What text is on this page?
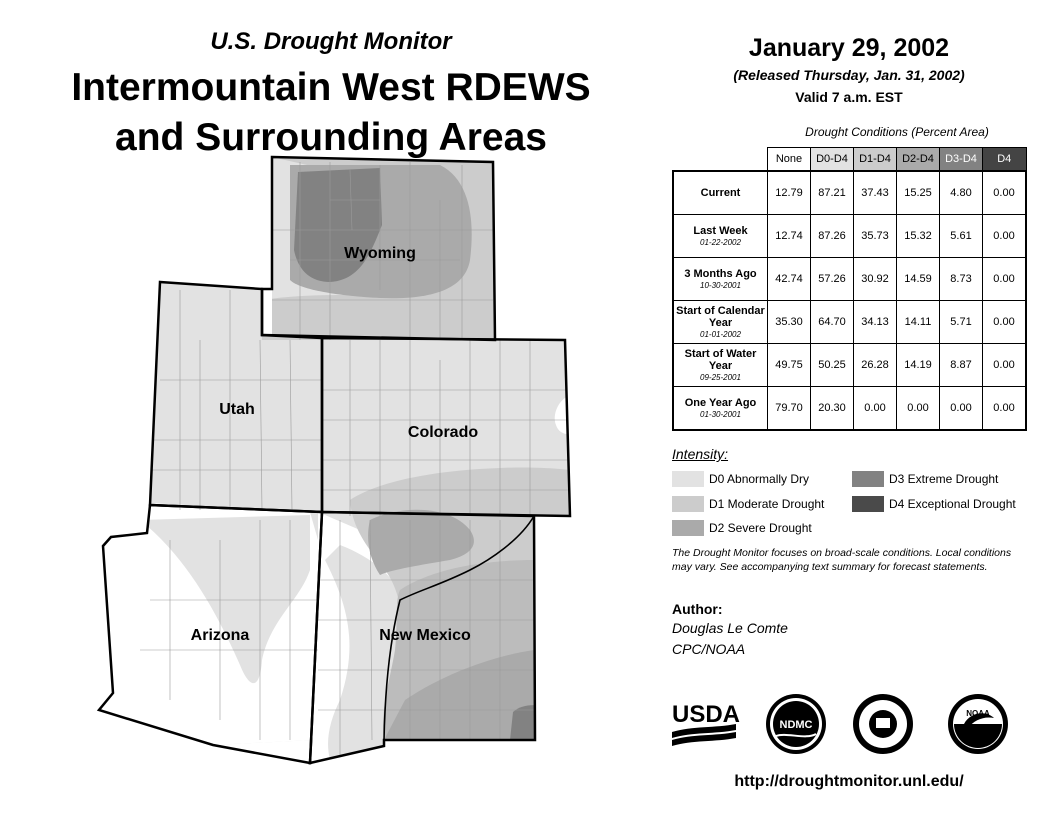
U.S. Drought Monitor
Intermountain West RDEWS
and Surrounding Areas
January 29, 2002
(Released Thursday, Jan. 31, 2002)
Valid 7 a.m. EST
Wyoming
Utah
Colorado
Arizona	New Mexico
Drought Conditions (Percent Area)
	None	D0-D4	D1-D4	D2-D4	D3-D4	D4
Current	12.79	87.21	37.43	15.25	4.80	0.00
Last Week
01-22-2002	12.74	87.26	35.73	15.32	5.61	0.00
3 Months Ago
10-30-2001	42.74	57.26	30.92	14.59	8.73	0.00
Start of Calendar Year
01-01-2002	35.30	64.70	34.13	14.11	5.71	0.00
Start of Water Year
09-25-2001	49.75	50.25	26.28	14.19	8.87	0.00
One Year Ago
01-30-2001	79.70	20.30	0.00	0.00	0.00	0.00
Intensity:
D0 Abnormally Dry
D1 Moderate Drought
D2 Severe Drought
D3 Extreme Drought
D4 Exceptional Drought
The Drought Monitor focuses on broad-scale conditions. Local conditions may vary. See accompanying text summary for forecast statements.
Author:
Douglas Le Comte
CPC/NOAA
USDA	NDMC
NOAA
http://droughtmonitor.unl.edu/
